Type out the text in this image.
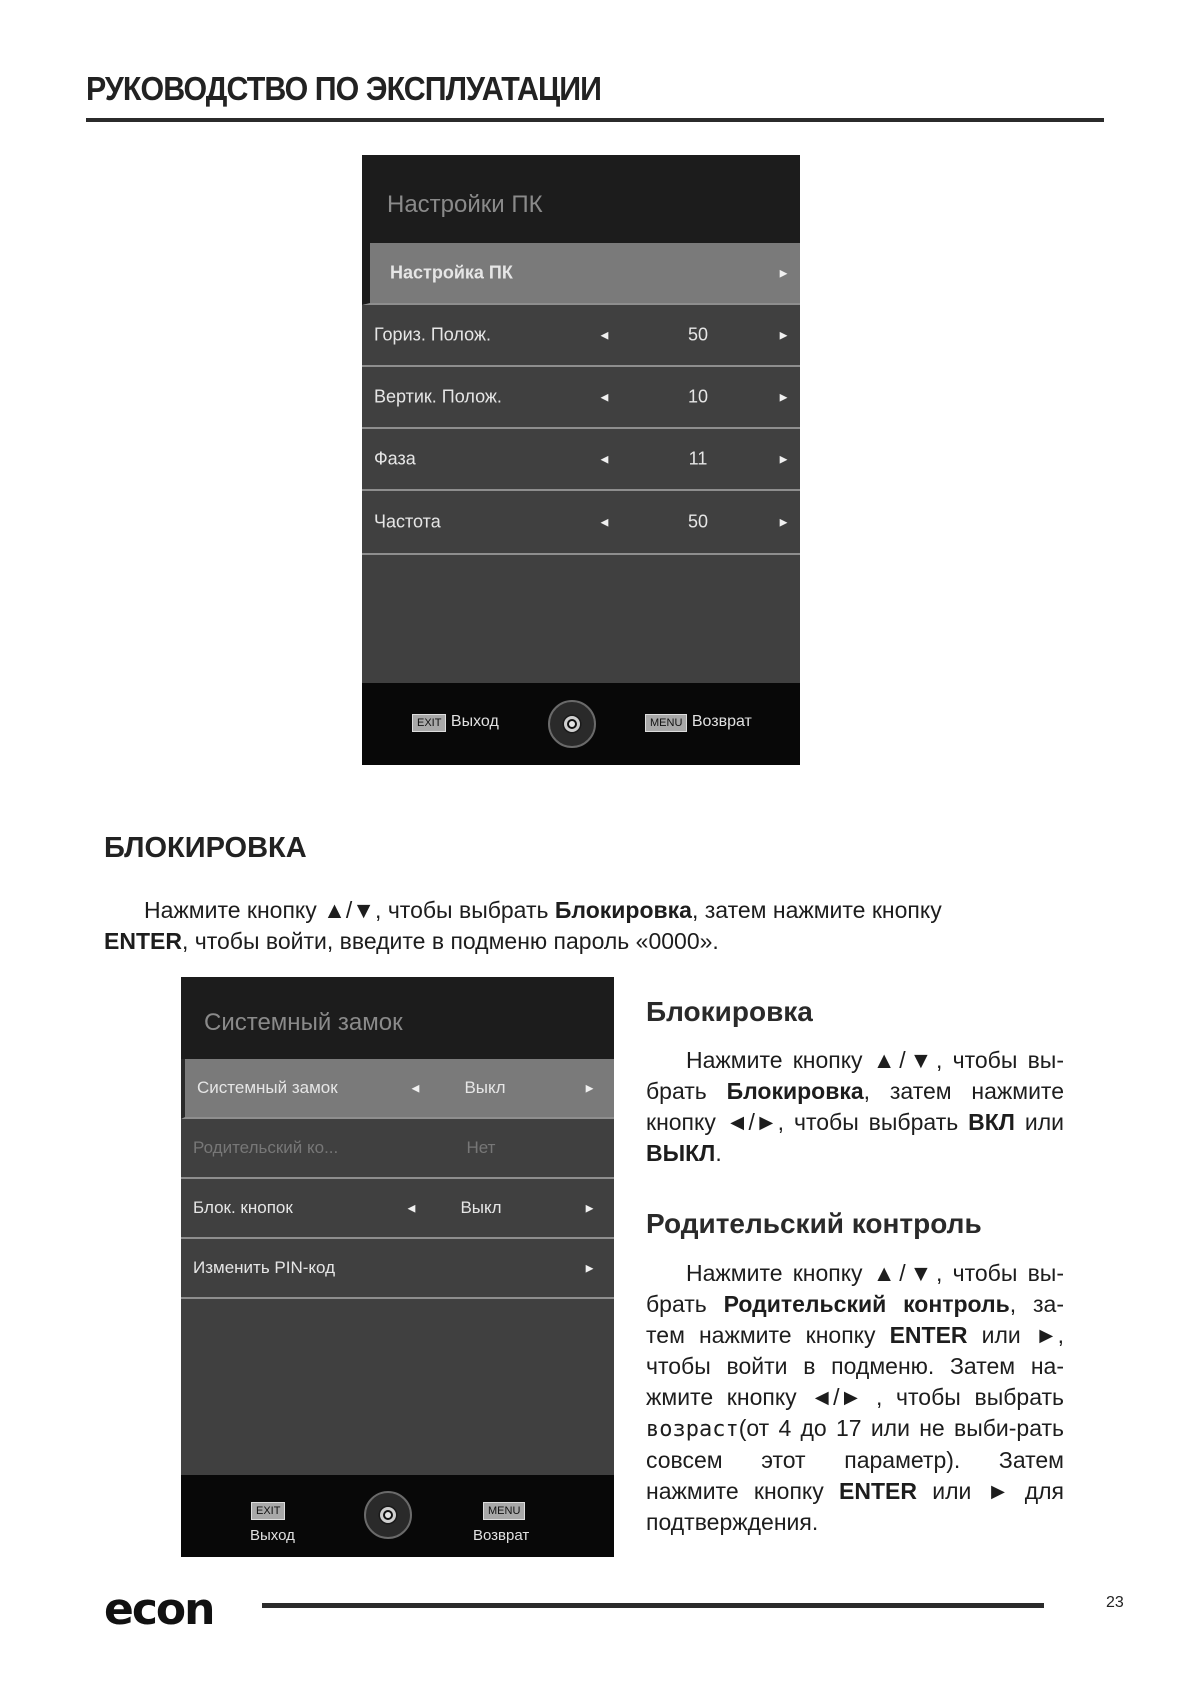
РУКОВОДСТВО ПО ЭКСПЛУАТАЦИИ
Настройки ПК
Настройка ПК	►
Гориз. Полож.	◄	50	►
Вертик. Полож.	◄	10	►
Фаза	◄	11	►
Частота	◄	50	►
EXIT Выход	MENU Возврат
БЛОКИРОВКА
Нажмите кнопку ▲/▼, чтобы выбрать Блокировка, затем нажмите кнопку ENTER, чтобы войти, введите в подменю пароль «0000».
Системный замок
Системный замок	◄	Выкл	►
Родительский ко...	Нет
Блок. кнопок	◄	Выкл	►
Изменить PIN-код	►
EXIT
Выход
MENU
Возврат
Блокировка
Нажмите кнопку ▲/▼, чтобы вы-брать Блокировка, затем нажмите кнопку ◄/►, чтобы выбрать ВКЛ или ВЫКЛ.
Родительский контроль
Нажмите кнопку ▲/▼, чтобы вы-брать Родительский контроль, за-тем нажмите кнопку ENTER или ►, чтобы войти в подменю. Затем на-жмите кнопку ◄/► , чтобы выбрать возраст(от 4 до 17 или не выби-рать совсем этот параметр). Затем нажмите кнопку ENTER или ► для подтверждения.
econ	23
